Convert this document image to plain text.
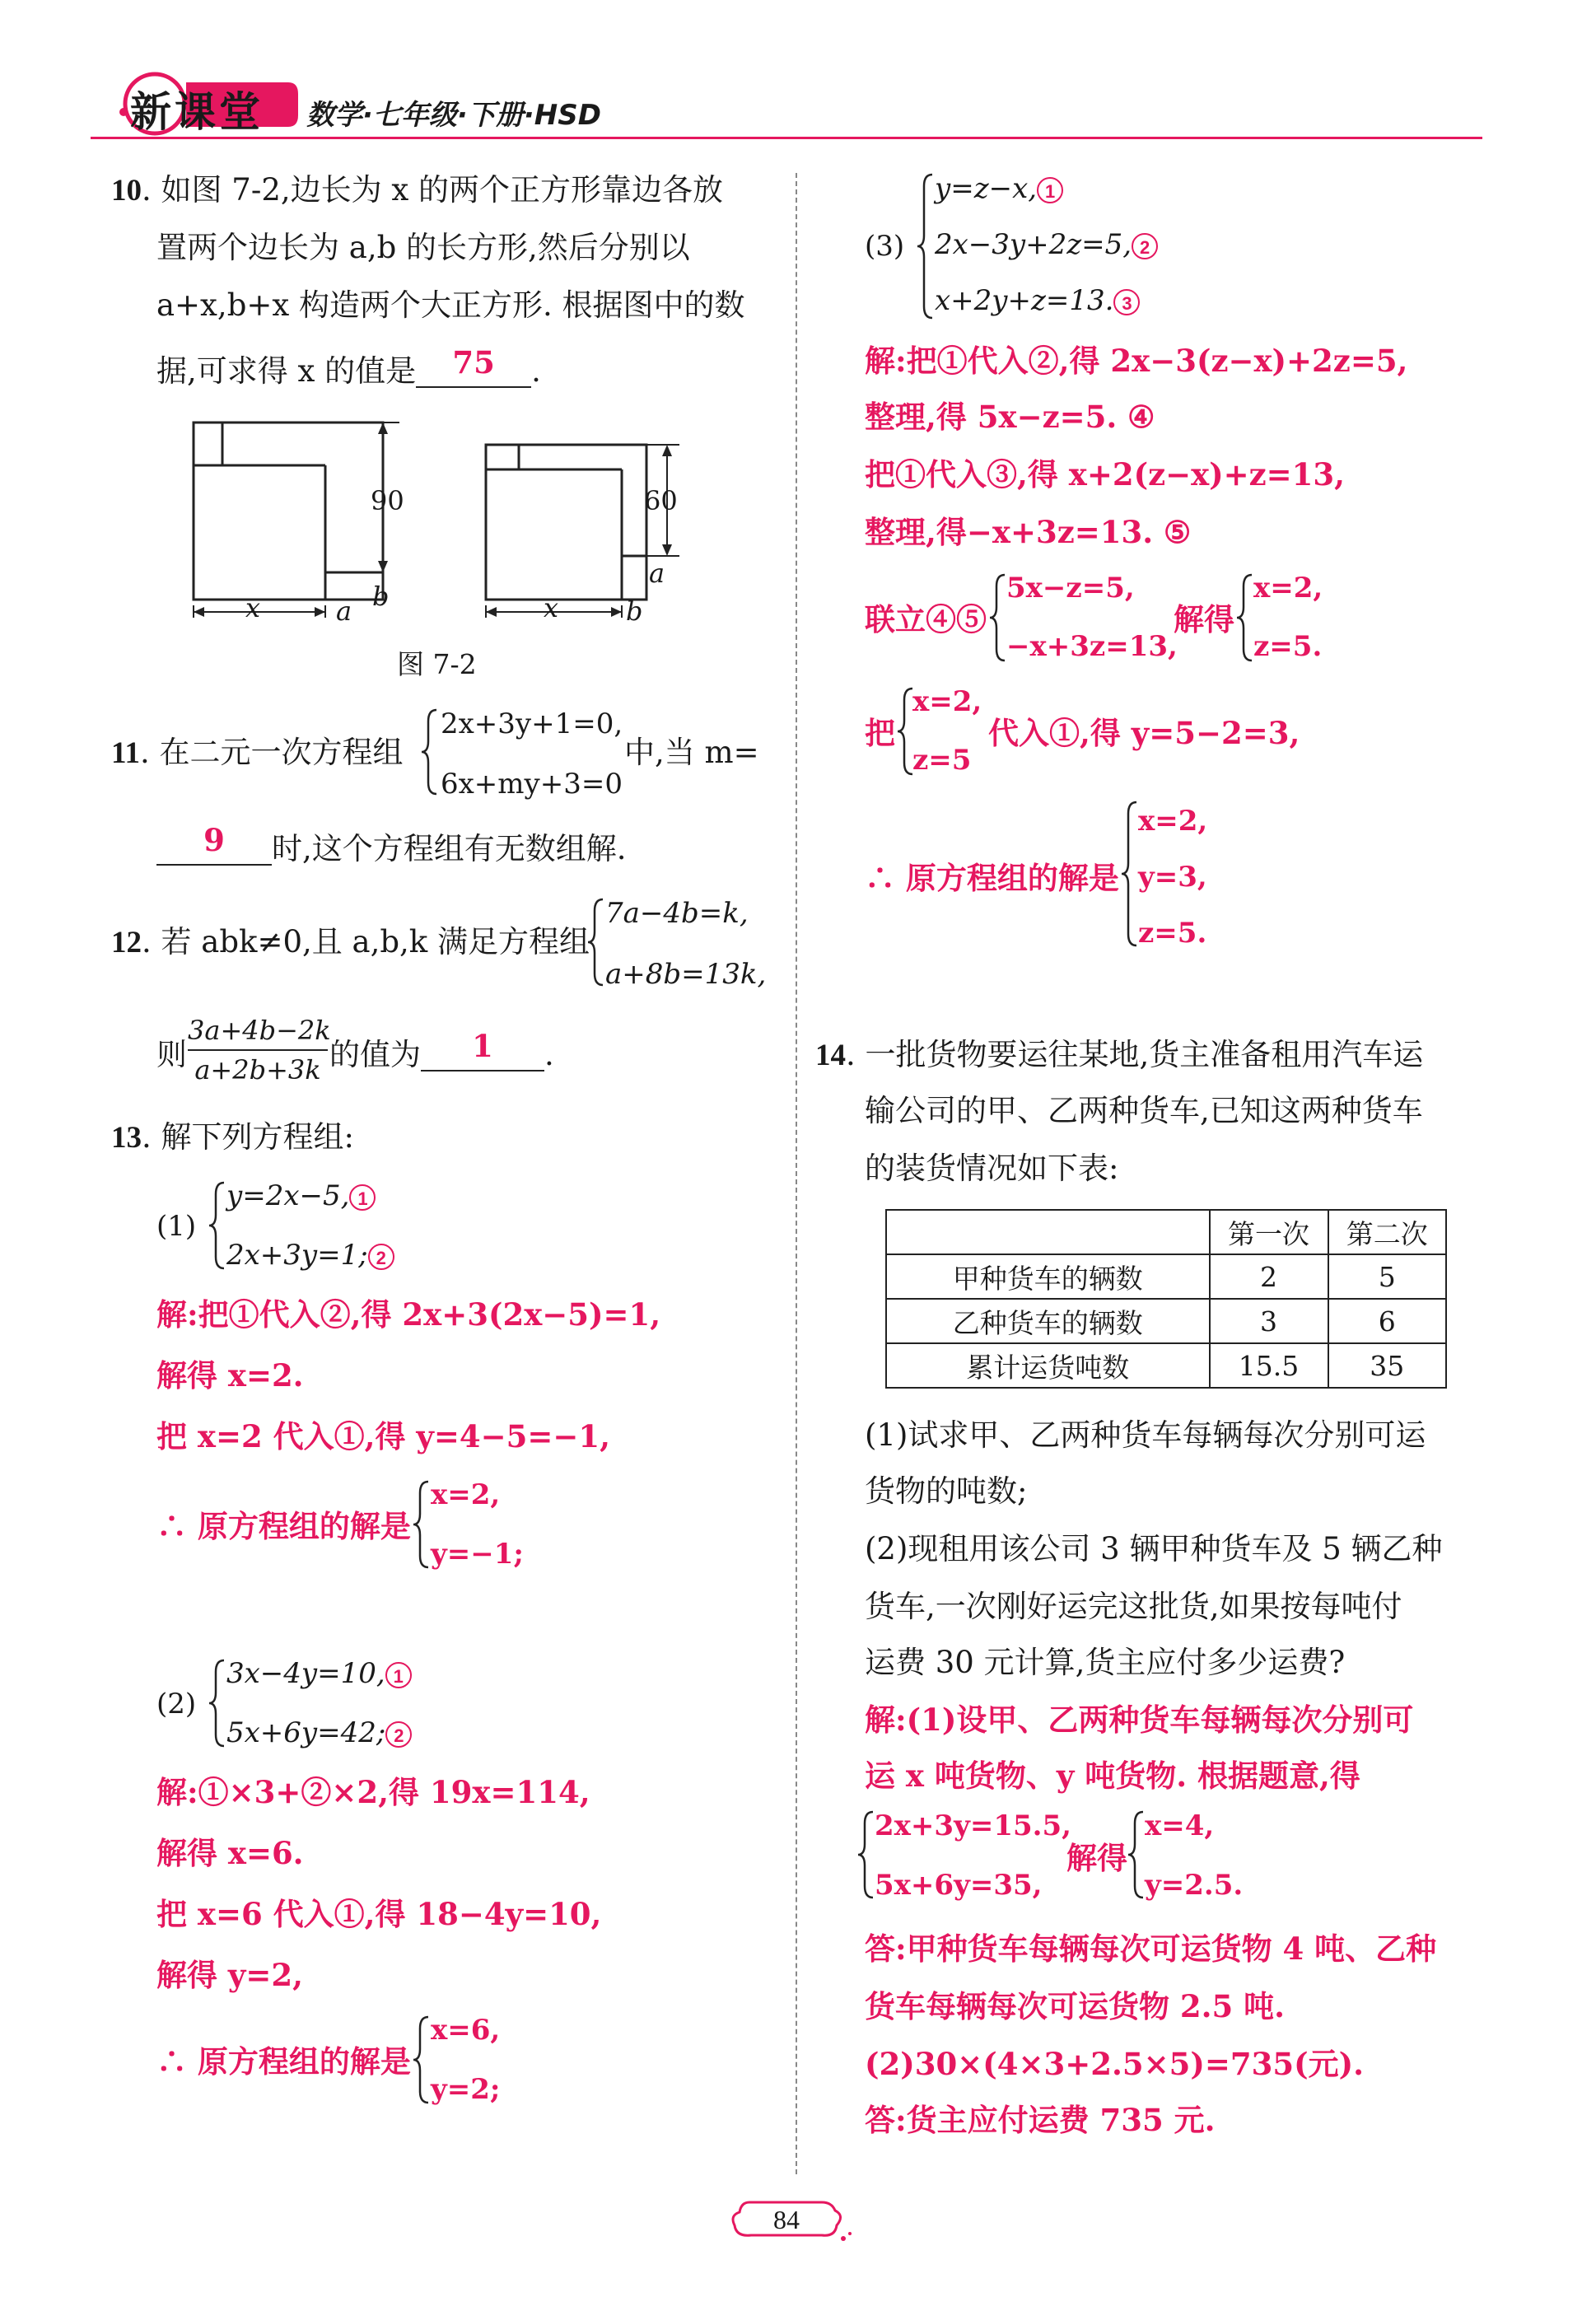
新课堂 数学·七年级·下册·HSD
10. 如图 7-2,边长为 x 的两个正方形靠边各放
置两个边长为 a,b 的长方形,然后分别以
a+x,b+x 构造两个大正方形. 根据图中的数
据,可求得 x 的值是 75 .
90
b
x	a
60
a
x	b
图 7-2
11. 在二元一次方程组
2x+3y+1=0,
6x+my+3=0
中,当 m=
9 时,这个方程组有无数组解.
12. 若 abk≠0,且 a,b,k 满足方程组
7a−4b=k,
a+8b=13k,
则 $\frac{3a+4b-2k}{a+2b+3k}$ 的值为 1 .
13. 解下列方程组:
(1)
y=2x−5, 1
2x+3y=1; 2
解:把①代入②,得 2x+3(2x−5)=1,
解得 x=2.
把 x=2 代入①,得 y=4−5=−1,
∴ 原方程组的解是
x=2,
y=−1;
(2)
3x−4y=10, 1
5x+6y=42; 2
解:①×3+②×2,得 19x=114,
解得 x=6.
把 x=6 代入①,得 18−4y=10,
解得 y=2,
∴ 原方程组的解是
x=6,
y=2;
(3)
y=z−x, 1
2x−3y+2z=5, 2
x+2y+z=13. 3
解:把①代入②,得 2x−3(z−x)+2z=5,
整理,得 5x−z=5. ④
把①代入③,得 x+2(z−x)+z=13,
整理,得−x+3z=13. ⑤
联立④⑤
5x−z=5,
−x+3z=13,
解得
x=2,
z=5.
把
x=2,
z=5
代入①,得 y=5−2=3,
∴ 原方程组的解是
x=2,
y=3,
z=5.
14. 一批货物要运往某地,货主准备租用汽车运
输公司的甲、乙两种货车,已知这两种货车
的装货情况如下表:
	第一次	第二次
甲种货车的辆数	2	5
乙种货车的辆数	3	6
累计运货吨数	15.5	35
(1)试求甲、乙两种货车每辆每次分别可运
货物的吨数;
(2)现租用该公司 3 辆甲种货车及 5 辆乙种
货车,一次刚好运完这批货,如果按每吨付
运费 30 元计算,货主应付多少运费?
解:(1)设甲、乙两种货车每辆每次分别可
运 x 吨货物、y 吨货物. 根据题意,得
2x+3y=15.5,
5x+6y=35,
解得
x=4,
y=2.5.
答:甲种货车每辆每次可运货物 4 吨、乙种
货车每辆每次可运货物 2.5 吨.
(2)30×(4×3+2.5×5)=735(元).
答:货主应付运费 735 元.
84
